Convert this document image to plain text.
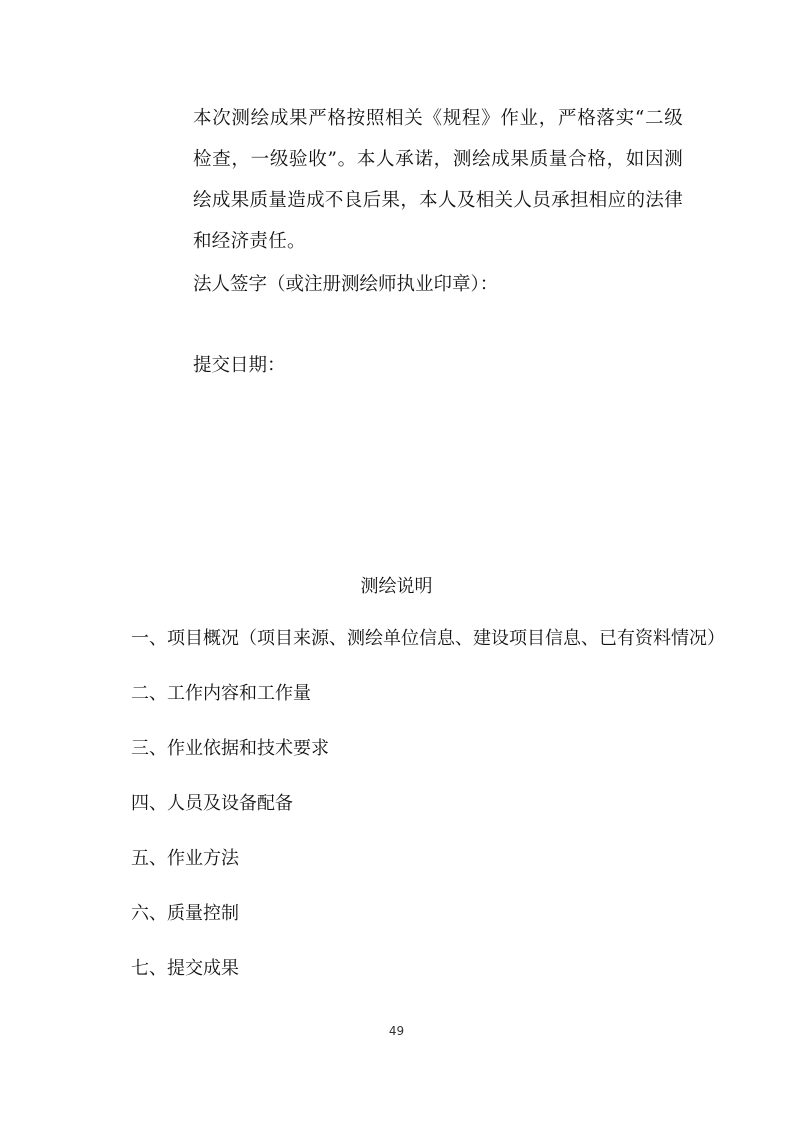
本次测绘成果严格按照相关《规程》作业，严格落实“二级检查，一级验收”。本人承诺，测绘成果质量合格，如因测绘成果质量造成不良后果，本人及相关人员承担相应的法律和经济责任。

法人签字（或注册测绘师执业印章）：

提交日期：

测绘说明
一、项目概况（项目来源、测绘单位信息、建设项目信息、已有资料情况）
二、工作内容和工作量
三、作业依据和技术要求
四、人员及设备配备
五、作业方法
六、质量控制
七、提交成果
49
